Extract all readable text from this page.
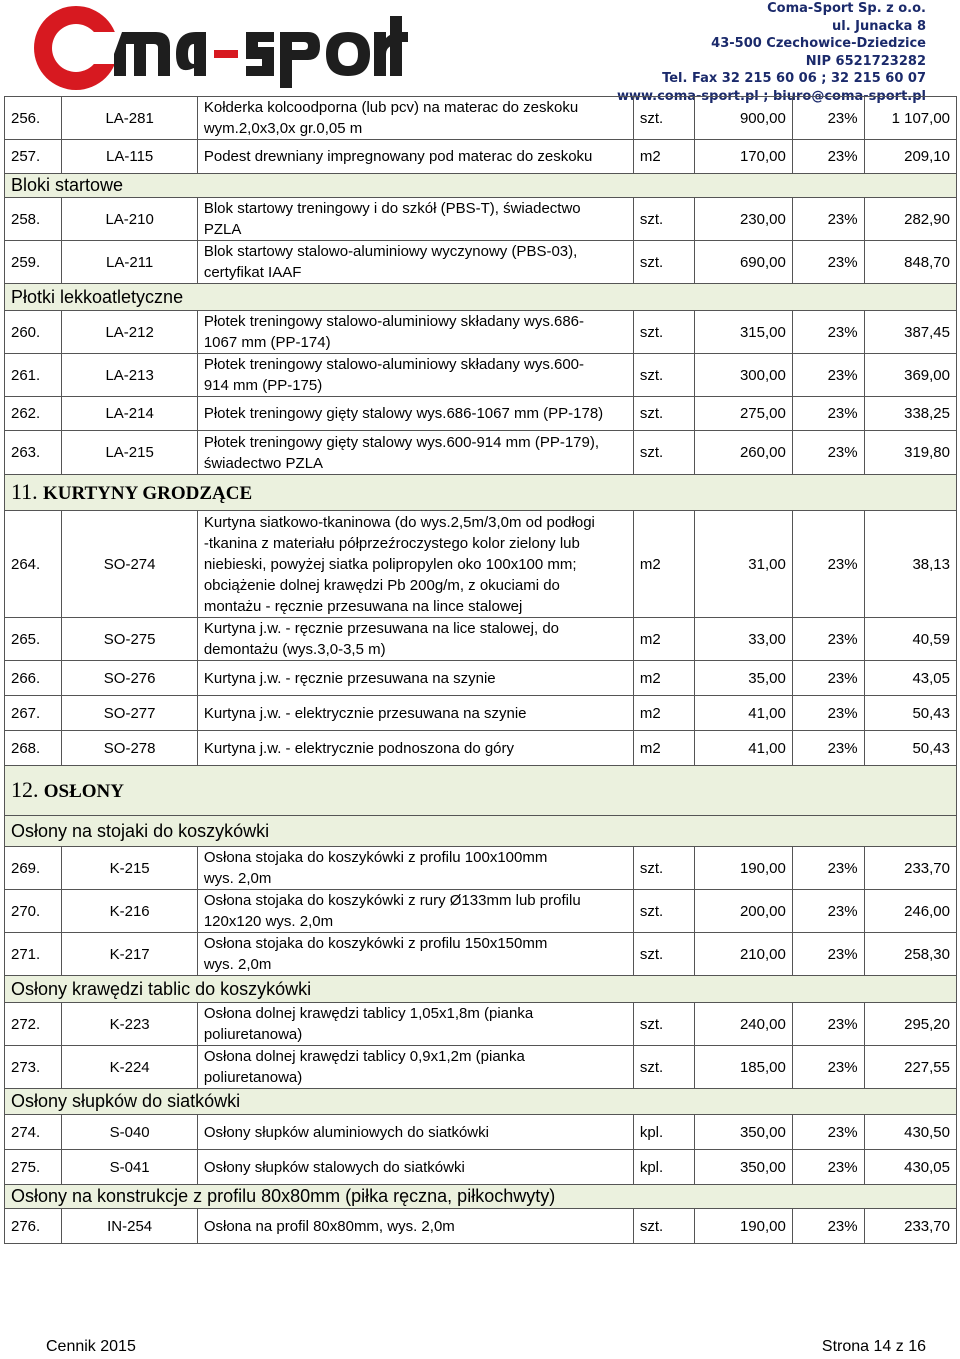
Coma-Sport Sp. z o.o.
ul. Junacka 8
43-500 Czechowice-Dziedzice
NIP 6521723282
Tel. Fax 32 215 60 06 ; 32 215 60 07
www.coma-sport.pl ; biuro@coma-sport.pl
256.	LA-281	Kołderka kolcoodporna (lub pcv) na materac do zeskoku
wym.2,0x3,0x gr.0,05 m	szt.	900,00	23%	1 107,00
257.	LA-115	Podest drewniany impregnowany pod materac do zeskoku	m2	170,00	23%	209,10
Bloki startowe						
258.	LA-210	Blok startowy treningowy i do szkół (PBS-T), świadectwo
PZLA	szt.	230,00	23%	282,90
259.	LA-211	Blok startowy stalowo-aluminiowy wyczynowy (PBS-03),
certyfikat IAAF	szt.	690,00	23%	848,70
Płotki lekkoatletyczne						
260.	LA-212	Płotek treningowy stalowo-aluminiowy składany wys.686-
1067 mm (PP-174)	szt.	315,00	23%	387,45
261.	LA-213	Płotek treningowy stalowo-aluminiowy składany wys.600-
914 mm (PP-175)	szt.	300,00	23%	369,00
262.	LA-214	Płotek treningowy gięty stalowy wys.686-1067 mm (PP-178)	szt.	275,00	23%	338,25
263.	LA-215	Płotek treningowy gięty stalowy wys.600-914 mm (PP-179),
świadectwo PZLA	szt.	260,00	23%	319,80
11. KURTYNY GRODZĄCE						
264.	SO-274	Kurtyna siatkowo-tkaninowa (do wys.2,5m/3,0m od podłogi
-tkanina z materiału półprzeźroczystego kolor zielony lub
niebieski, powyżej siatka polipropylen oko 100x100 mm;
obciążenie dolnej krawędzi Pb 200g/m, z okuciami do
montażu - ręcznie przesuwana na lince stalowej	m2	31,00	23%	38,13
265.	SO-275	Kurtyna j.w. - ręcznie przesuwana na lice stalowej, do
demontażu (wys.3,0-3,5 m)	m2	33,00	23%	40,59
266.	SO-276	Kurtyna j.w. - ręcznie przesuwana na szynie	m2	35,00	23%	43,05
267.	SO-277	Kurtyna j.w. - elektrycznie przesuwana na szynie	m2	41,00	23%	50,43
268.	SO-278	Kurtyna j.w. - elektrycznie podnoszona do góry	m2	41,00	23%	50,43
12. OSŁONY						
Osłony na stojaki do koszykówki						
269.	K-215	Osłona stojaka do koszykówki z profilu 100x100mm
wys. 2,0m	szt.	190,00	23%	233,70
270.	K-216	Osłona stojaka do koszykówki z rury Ø133mm lub profilu
120x120 wys. 2,0m	szt.	200,00	23%	246,00
271.	K-217	Osłona stojaka do koszykówki z profilu 150x150mm
wys. 2,0m	szt.	210,00	23%	258,30
Osłony krawędzi tablic do koszykówki						
272.	K-223	Osłona dolnej krawędzi tablicy 1,05x1,8m (pianka
poliuretanowa)	szt.	240,00	23%	295,20
273.	K-224	Osłona dolnej krawędzi tablicy 0,9x1,2m (pianka
poliuretanowa)	szt.	185,00	23%	227,55
Osłony słupków do siatkówki						
274.	S-040	Osłony słupków aluminiowych do siatkówki	kpl.	350,00	23%	430,50
275.	S-041	Osłony słupków stalowych do siatkówki	kpl.	350,00	23%	430,05
Osłony na konstrukcje z profilu 80x80mm (piłka ręczna, piłkochwyty)						
276.	IN-254	Osłona na profil 80x80mm, wys. 2,0m	szt.	190,00	23%	233,70
Cennik 2015	Strona 14 z 16
